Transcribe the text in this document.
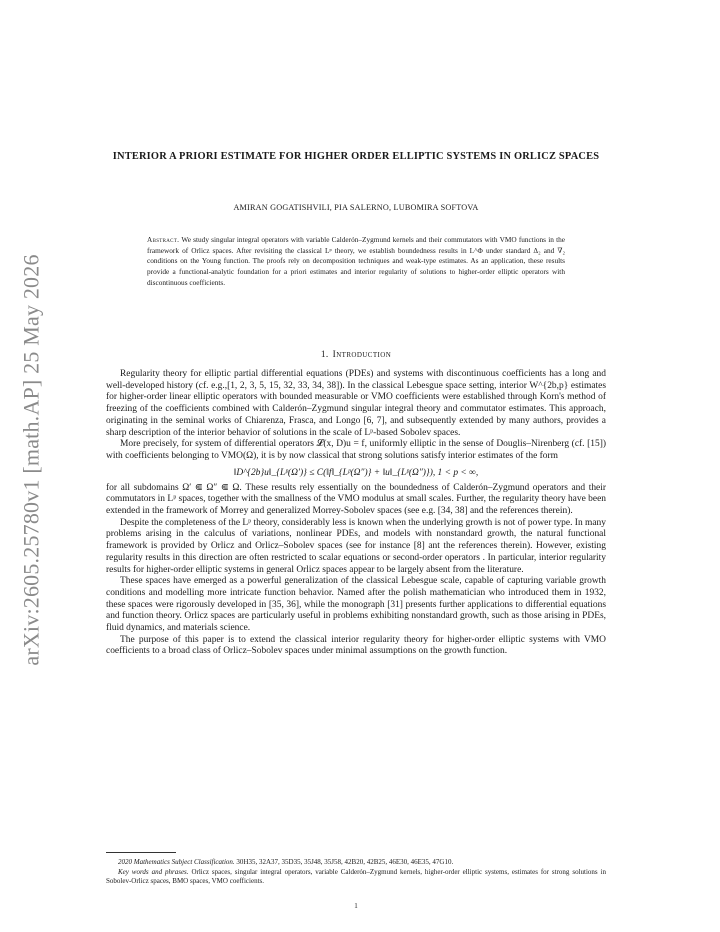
arXiv:2605.25780v1 [math.AP] 25 May 2026
INTERIOR A PRIORI ESTIMATE FOR HIGHER ORDER ELLIPTIC SYSTEMS IN ORLICZ SPACES
AMIRAN GOGATISHVILI, PIA SALERNO, LUBOMIRA SOFTOVA
Abstract. We study singular integral operators with variable Calderón–Zygmund kernels and their commutators with VMO functions in the framework of Orlicz spaces. After revisiting the classical Lᵖ theory, we establish boundedness results in L^Φ under standard Δ₂ and ∇₂ conditions on the Young function. The proofs rely on decomposition techniques and weak-type estimates. As an application, these results provide a functional-analytic foundation for a priori estimates and interior regularity of solutions to higher-order elliptic operators with discontinuous coefficients.
1. Introduction

Regularity theory for elliptic partial differential equations (PDEs) and systems with discontinuous coefficients has a long and well-developed history (cf. e.g.,[1, 2, 3, 5, 15, 32, 33, 34, 38]). In the classical Lebesgue space setting, interior W^{2b,p} estimates for higher-order linear elliptic operators with bounded measurable or VMO coefficients were established through Korn's method of freezing of the coefficients combined with Calderón–Zygmund singular integral theory and commutator estimates. This approach, originating in the seminal works of Chiarenza, Frasca, and Longo [6, 7], and subsequently extended by many authors, provides a sharp description of the interior behavior of solutions in the scale of Lᵖ-based Sobolev spaces.

More precisely, for system of differential operators 𝓛(x, D)u = f, uniformly elliptic in the sense of Douglis–Nirenberg (cf. [15]) with coefficients belonging to VMO(Ω), it is by now classical that strong solutions satisfy interior estimates of the form

‖D^{2b}u‖_{Lᵖ(Ω′)} ≤ C(‖f‖_{Lᵖ(Ω″)} + ‖u‖_{Lᵖ(Ω″)}), 1 < p < ∞,

for all subdomains Ω′ ⋐ Ω″ ⋐ Ω. These results rely essentially on the boundedness of Calderón–Zygmund operators and their commutators in Lᵖ spaces, together with the smallness of the VMO modulus at small scales. Further, the regularity theory have been extended in the framework of Morrey and generalized Morrey-Sobolev spaces (see e.g. [34, 38] and the references therein).

Despite the completeness of the Lᵖ theory, considerably less is known when the underlying growth is not of power type. In many problems arising in the calculus of variations, nonlinear PDEs, and models with nonstandard growth, the natural functional framework is provided by Orlicz and Orlicz–Sobolev spaces (see for instance [8] ant the references therein). However, existing regularity results in this direction are often restricted to scalar equations or second-order operators . In particular, interior regularity results for higher-order elliptic systems in general Orlicz spaces appear to be largely absent from the literature.

These spaces have emerged as a powerful generalization of the classical Lebesgue scale, capable of capturing variable growth conditions and modelling more intricate function behavior. Named after the polish mathematician who introduced them in 1932, these spaces were rigorously developed in [35, 36], while the monograph [31] presents further applications to differential equations and function theory. Orlicz spaces are particularly useful in problems exhibiting nonstandard growth, such as those arising in PDEs, fluid dynamics, and materials science.

The purpose of this paper is to extend the classical interior regularity theory for higher-order elliptic systems with VMO coefficients to a broad class of Orlicz–Sobolev spaces under minimal assumptions on the growth function.

2020 Mathematics Subject Classification. 30H35, 32A37, 35D35, 35J48, 35J58, 42B20, 42B25, 46E30, 46E35, 47G10.

Key words and phrases. Orlicz spaces, singular integral operators, variable Calderón–Zygmund kernels, higher-order elliptic systems, estimates for strong solutions in Sobolev-Orlicz spaces, BMO spaces, VMO coefficients.

1
